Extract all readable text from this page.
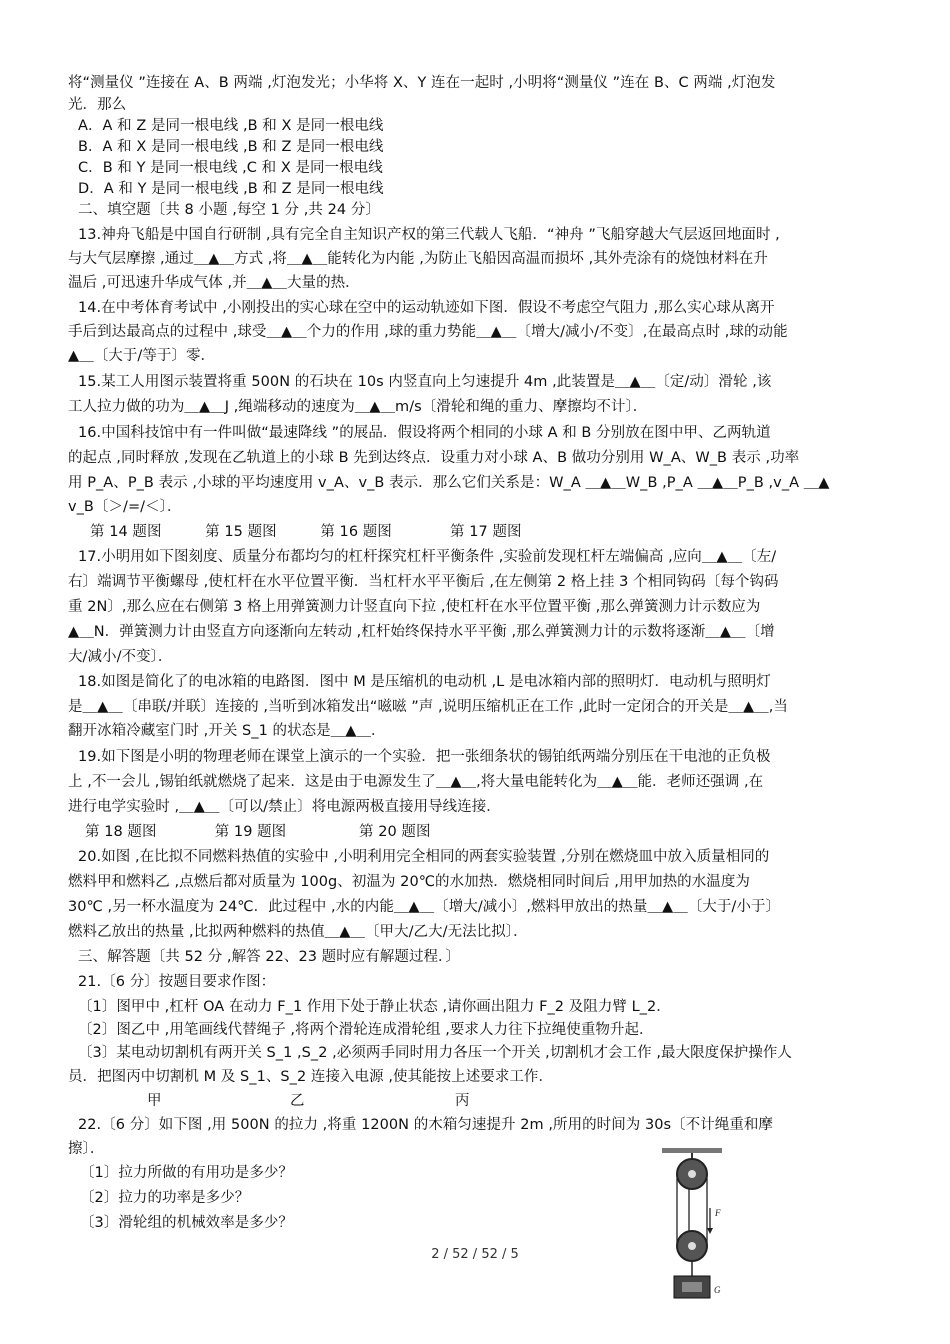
将“测量仪 ”连接在 A、B 两端 ,灯泡发光；小华将 X、Y 连在一起时 ,小明将“测量仪 ”连在 B、C 两端 ,灯泡发
光．那么
A．A 和 Z 是同一根电线 ,B 和 X 是同一根电线
B．A 和 X 是同一根电线 ,B 和 Z 是同一根电线
C．B 和 Y 是同一根电线 ,C 和 X 是同一根电线
D．A 和 Y 是同一根电线 ,B 和 Z 是同一根电线
二、填空题〔共 8 小题 ,每空 1 分 ,共 24 分〕
13.神舟飞船是中国自行研制 ,具有完全自主知识产权的第三代载人飞船．“神舟 ”飞船穿越大气层返回地面时 ,
与大气层摩擦 ,通过＿▲＿方式 ,将＿▲＿能转化为内能 ,为防止飞船因高温而损坏 ,其外壳涂有的烧蚀材料在升
温后 ,可迅速升华成气体 ,并＿▲＿大量的热．
14.在中考体育考试中 ,小刚投出的实心球在空中的运动轨迹如下图．假设不考虑空气阻力 ,那么实心球从离开
手后到达最高点的过程中 ,球受＿▲＿个力的作用 ,球的重力势能＿▲＿〔增大/减小/不变〕,在最高点时 ,球的动能
▲＿〔大于/等于〕零．
15.某工人用图示装置将重 500N 的石块在 10s 内竖直向上匀速提升 4m ,此装置是＿▲＿〔定/动〕滑轮 ,该
工人拉力做的功为＿▲＿J ,绳端移动的速度为＿▲＿m/s〔滑轮和绳的重力、摩擦均不计〕．
16.中国科技馆中有一件叫做“最速降线 ”的展品．假设将两个相同的小球 A 和 B 分别放在图中甲、乙两轨道
的起点 ,同时释放 ,发现在乙轨道上的小球 B 先到达终点．设重力对小球 A、B 做功分别用 W_A、W_B 表示 ,功率
用 P_A、P_B 表示 ,小球的平均速度用 v_A、v_B 表示．那么它们关系是：W_A ＿▲＿W_B ,P_A ＿▲＿P_B ,v_A ＿▲
v_B〔＞/=/＜〕．
第 14 题图　　　第 15 题图　　　第 16 题图　　　　第 17 题图
17.小明用如下图刻度、质量分布都均匀的杠杆探究杠杆平衡条件 ,实验前发现杠杆左端偏高 ,应向＿▲＿〔左/
右〕端调节平衡螺母 ,使杠杆在水平位置平衡．当杠杆水平平衡后 ,在左侧第 2 格上挂 3 个相同钩码〔每个钩码
重 2N〕,那么应在右侧第 3 格上用弹簧测力计竖直向下拉 ,使杠杆在水平位置平衡 ,那么弹簧测力计示数应为
▲＿N．弹簧测力计由竖直方向逐渐向左转动 ,杠杆始终保持水平平衡 ,那么弹簧测力计的示数将逐渐＿▲＿〔增
大/减小/不变〕．
18.如图是简化了的电冰箱的电路图．图中 M 是压缩机的电动机 ,L 是电冰箱内部的照明灯．电动机与照明灯
是＿▲＿〔串联/并联〕连接的 ,当听到冰箱发出“嗞嗞 ”声 ,说明压缩机正在工作 ,此时一定闭合的开关是＿▲＿,当
翻开冰箱冷藏室门时 ,开关 S_1 的状态是＿▲＿．
19.如下图是小明的物理老师在课堂上演示的一个实验．把一张细条状的锡铂纸两端分别压在干电池的正负极
上 ,不一会儿 ,锡铂纸就燃烧了起来．这是由于电源发生了＿▲＿,将大量电能转化为＿▲＿能．老师还强调 ,在
进行电学实验时 ,＿▲＿〔可以/禁止〕将电源两极直接用导线连接．
第 18 题图　　　　第 19 题图　　　　　第 20 题图
20.如图 ,在比拟不同燃料热值的实验中 ,小明利用完全相同的两套实验装置 ,分别在燃烧皿中放入质量相同的
燃料甲和燃料乙 ,点燃后都对质量为 100g、初温为 20℃的水加热．燃烧相同时间后 ,用甲加热的水温度为
30℃ ,另一杯水温度为 24℃．此过程中 ,水的内能＿▲＿〔增大/减小〕,燃料甲放出的热量＿▲＿〔大于/小于〕
燃料乙放出的热量 ,比拟两种燃料的热值＿▲＿〔甲大/乙大/无法比拟〕．
三、解答题〔共 52 分 ,解答 22、23 题时应有解题过程．〕
21.〔6 分〕按题目要求作图：
〔1〕图甲中 ,杠杆 OA 在动力 F_1 作用下处于静止状态 ,请你画出阻力 F_2 及阻力臂 L_2．
〔2〕图乙中 ,用笔画线代替绳子 ,将两个滑轮连成滑轮组 ,要求人力往下拉绳使重物升起．
〔3〕某电动切割机有两开关 S_1 ,S_2 ,必须两手同时用力各压一个开关 ,切割机才会工作 ,最大限度保护操作人
员．把图丙中切割机 M 及 S_1、S_2 连接入电源 ,使其能按上述要求工作．
甲	乙	丙
22.〔6 分〕如下图 ,用 500N 的拉力 ,将重 1200N 的木箱匀速提升 2m ,所用的时间为 30s〔不计绳重和摩
擦〕．
〔1〕拉力所做的有用功是多少？
〔2〕拉力的功率是多少？
〔3〕滑轮组的机械效率是多少？
F
G
2 / 52 / 52 / 5
